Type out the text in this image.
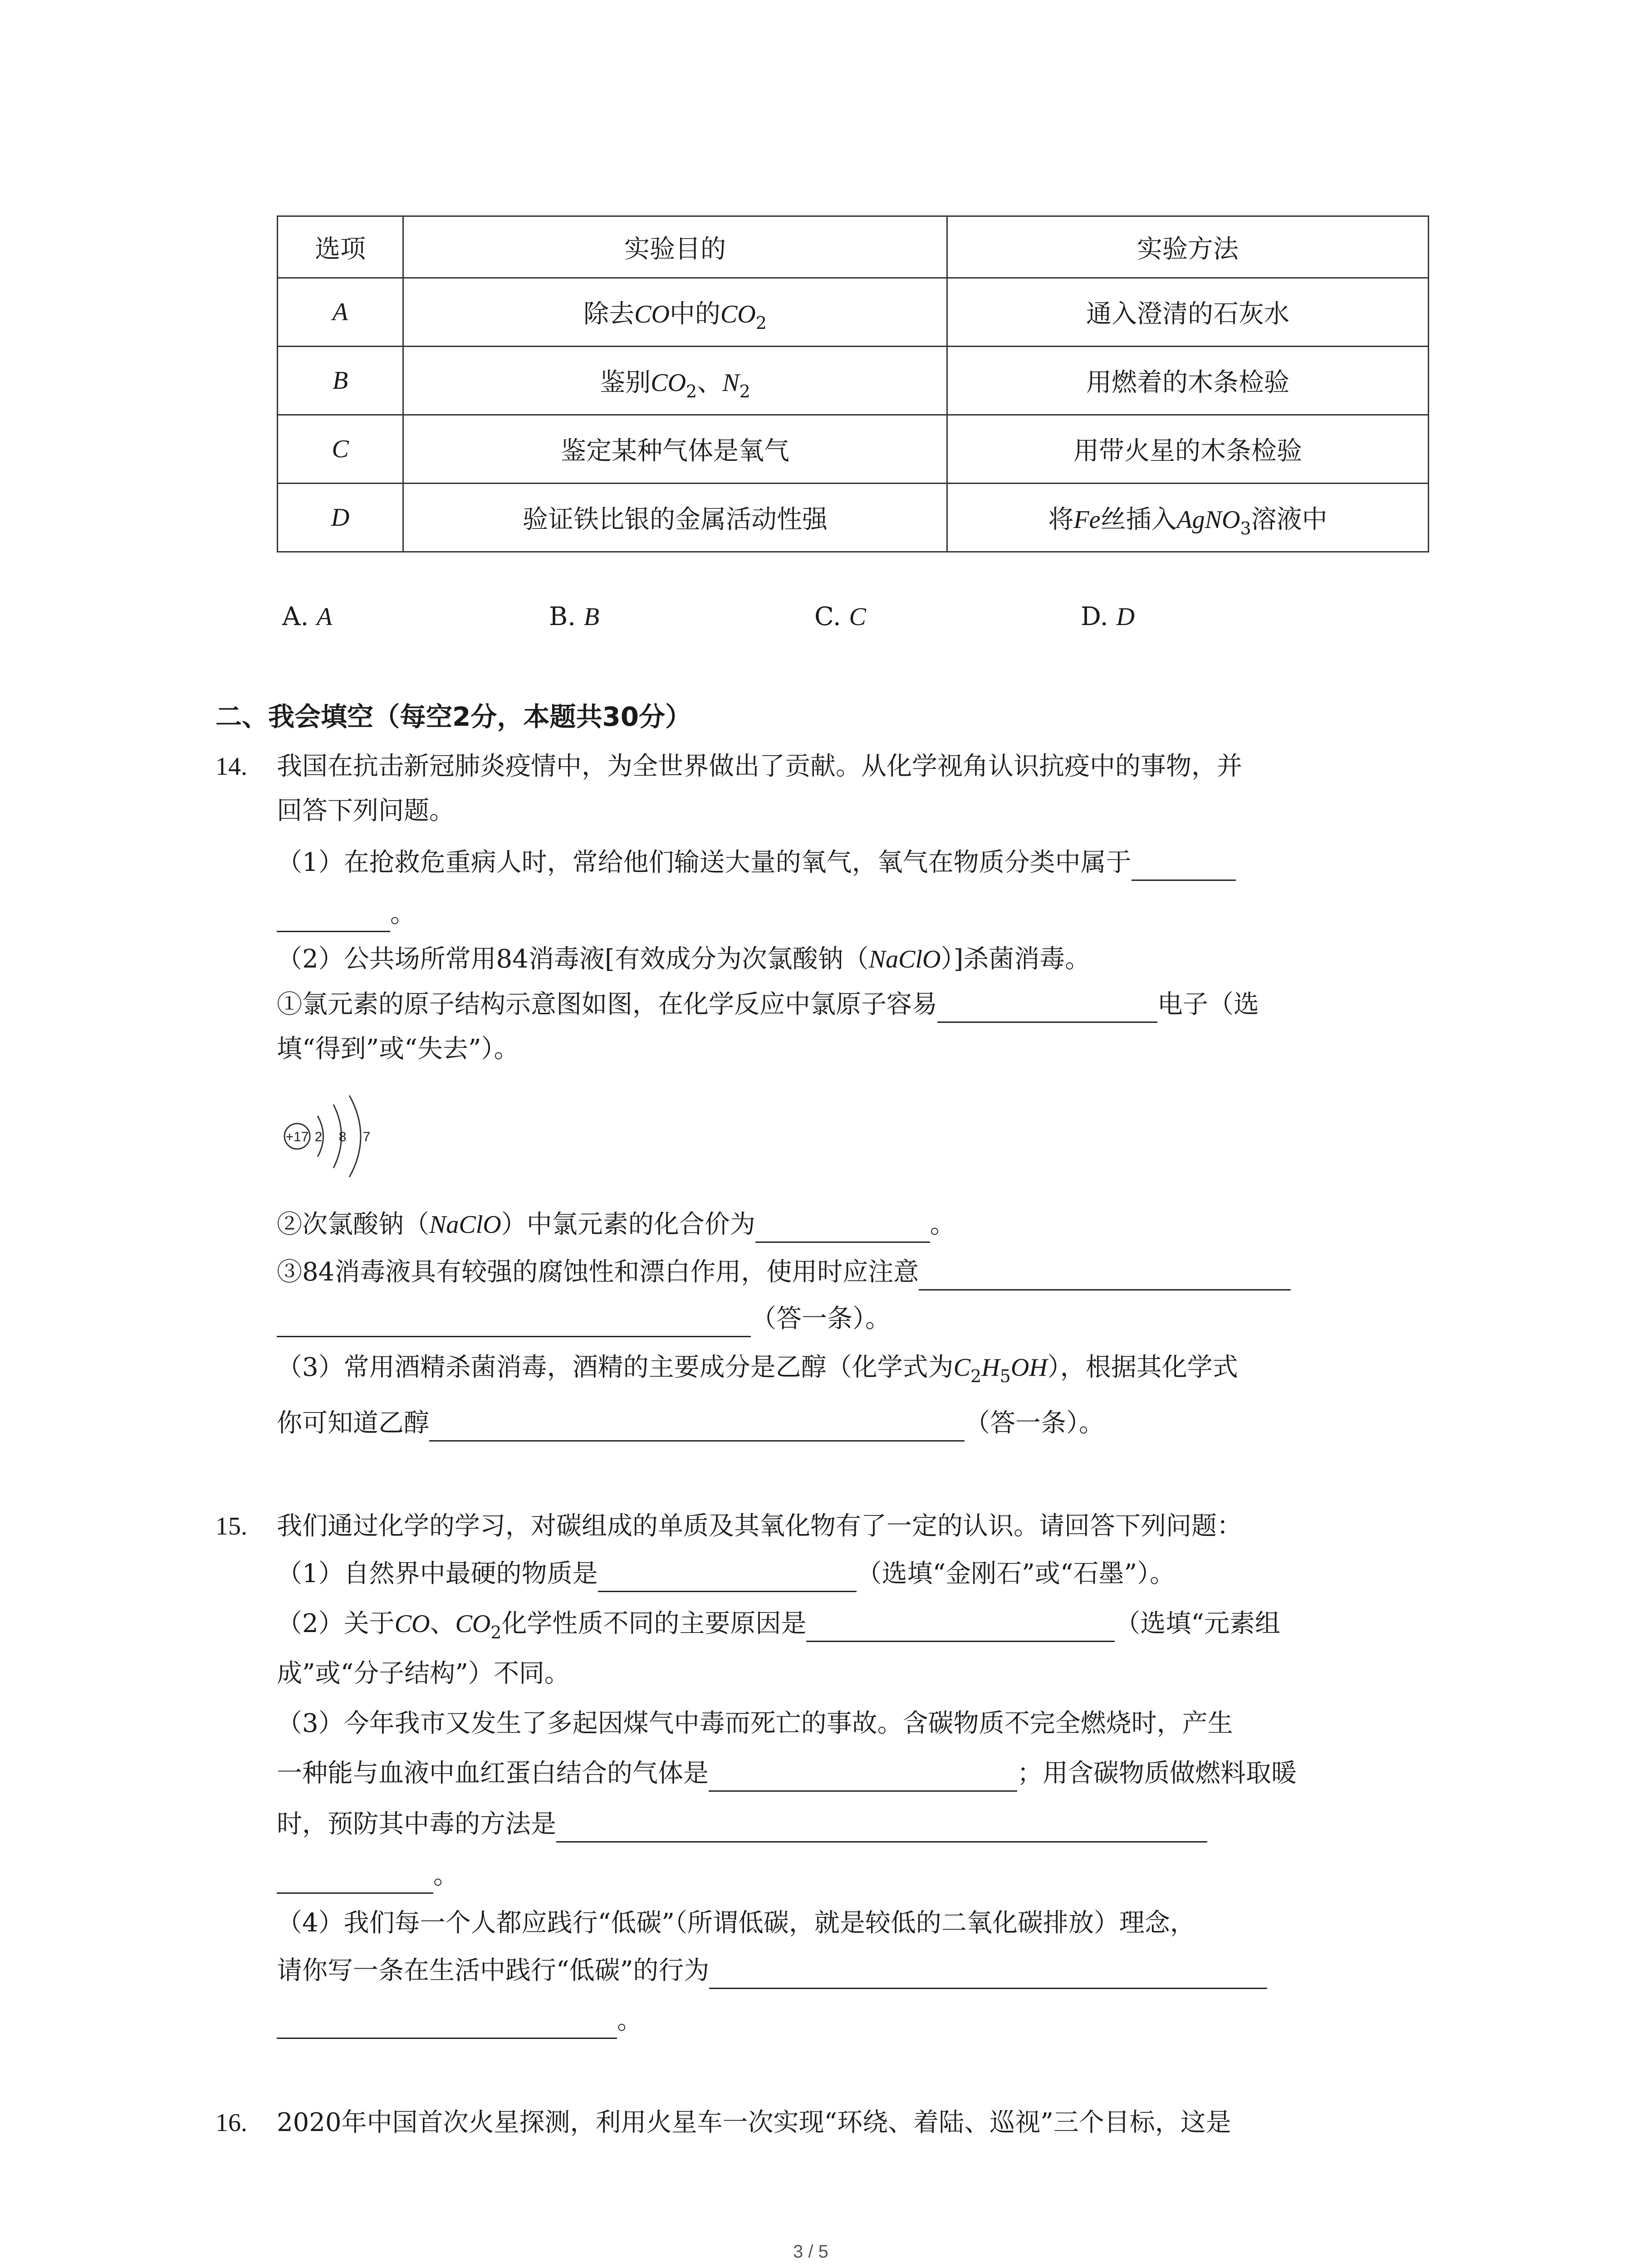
选项	实验目的	实验方法
A	除去CO中的$CO_2$	通入澄清的石灰水
B	鉴别$CO_2$、$N_2$	用燃着的木条检验
C	鉴定某种气体是氧气	用带火星的木条检验
D	验证铁比银的金属活动性强	将Fe丝插入AgNO$_3$溶液中
A. A	B. B	C. C	D. D
二、我会填空（每空2分，本题共30分）
14. 我国在抗击新冠肺炎疫情中，为全世界做出了贡献。从化学视角认识抗疫中的事物，并
回答下列问题。
（1）在抢救危重病人时，常给他们输送大量的氧气，氧气在物质分类中属于
。
（2）公共场所常用84消毒液[有效成分为次氯酸钠（NaClO）]杀菌消毒。
①氯元素的原子结构示意图如图，在化学反应中氯原子容易	电子（选
填“得到”或“失去”）。
+17 2 8 7
②次氯酸钠（NaClO）中氯元素的化合价为	。
③84消毒液具有较强的腐蚀性和漂白作用，使用时应注意
（答一条）。
（3）常用酒精杀菌消毒，酒精的主要成分是乙醇（化学式为$C_2H_5OH$），根据其化学式
你可知道乙醇	（答一条）。
15. 我们通过化学的学习，对碳组成的单质及其氧化物有了一定的认识。请回答下列问题：
（1）自然界中最硬的物质是	（选填“金刚石”或“石墨”）。
（2）关于CO、$CO_2$化学性质不同的主要原因是	（选填“元素组
成”或“分子结构”）不同。
（3）今年我市又发生了多起因煤气中毒而死亡的事故。含碳物质不完全燃烧时，产生
一种能与血液中血红蛋白结合的气体是	；用含碳物质做燃料取暖
时，预防其中毒的方法是
。
（4）我们每一个人都应践行“低碳”（所谓低碳，就是较低的二氧化碳排放）理念，
请你写一条在生活中践行“低碳”的行为
。
16. 2020年中国首次火星探测，利用火星车一次实现“环绕、着陆、巡视”三个目标，这是
3 / 5
